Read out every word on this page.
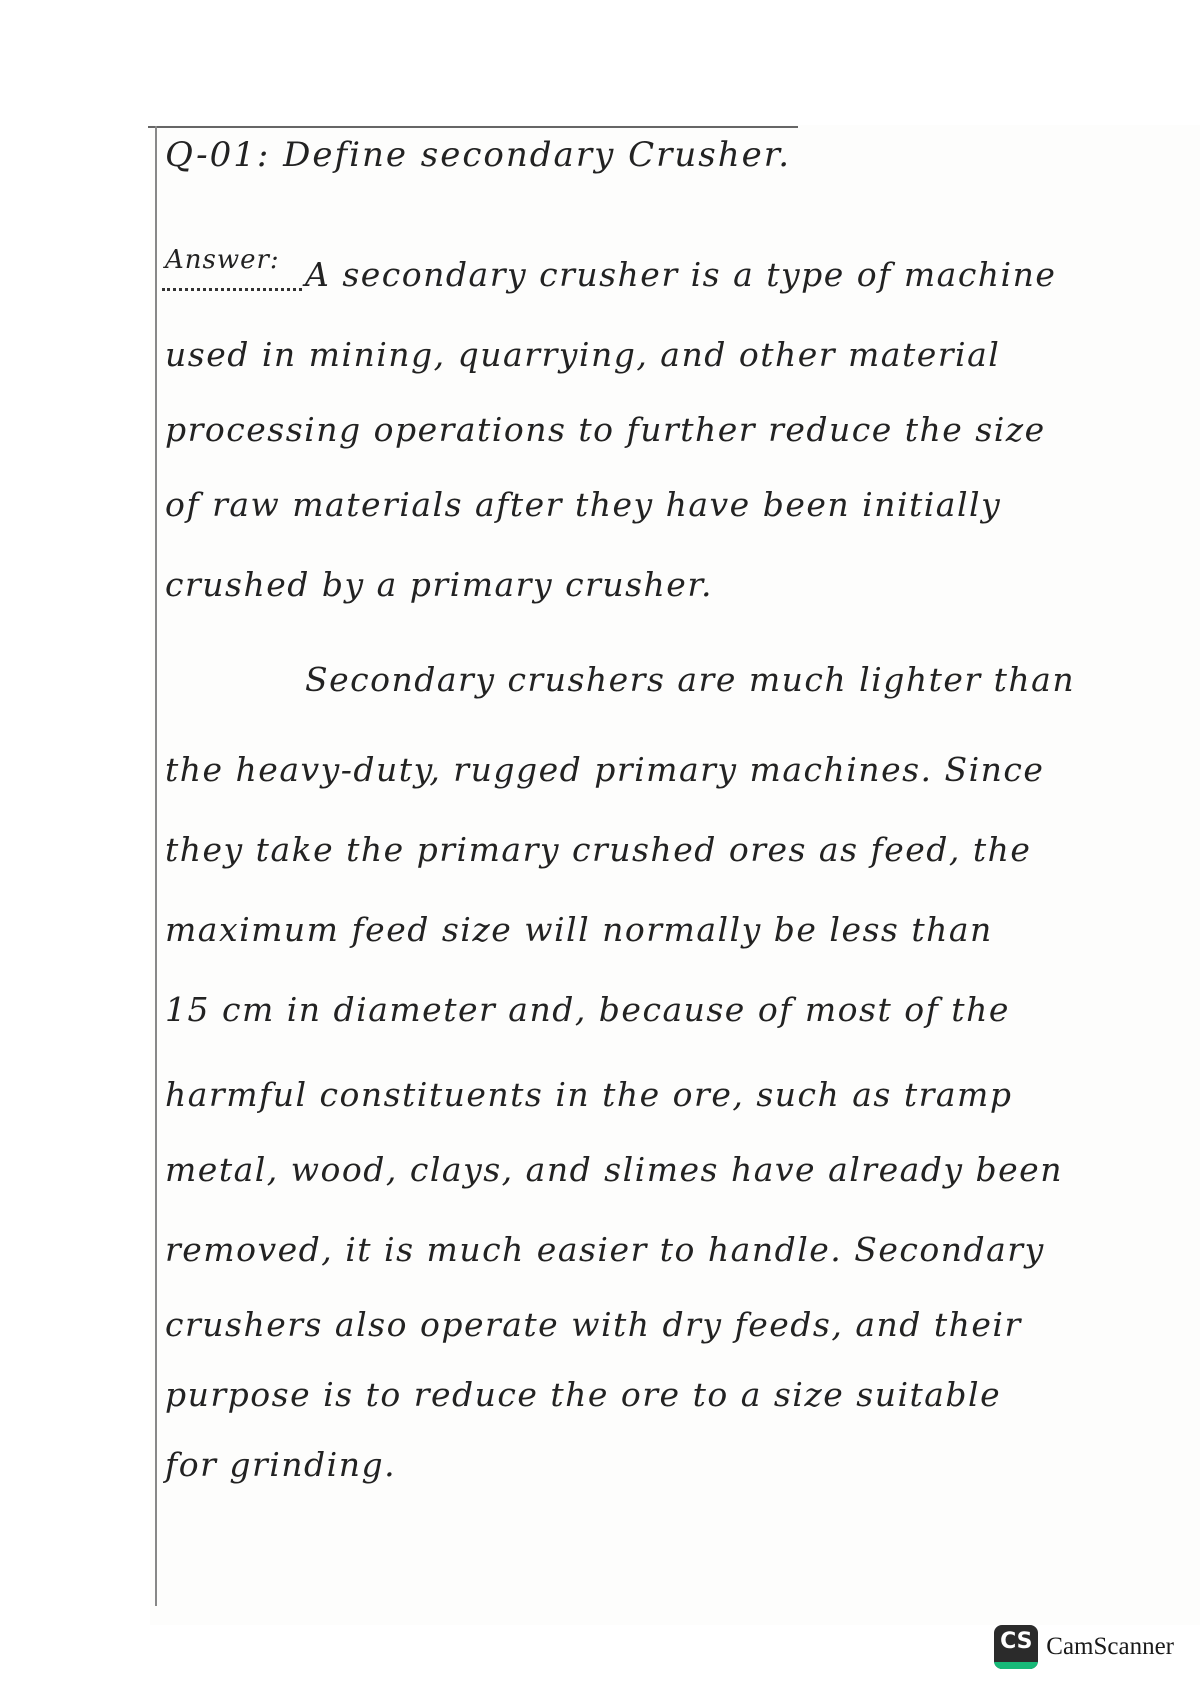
Q-01: Define secondary Crusher.
Answer: A secondary crusher is a type of machine
used in mining, quarrying, and other material
processing operations to further reduce the size
of raw materials after they have been initially
crushed by a primary crusher.
Secondary crushers are much lighter than
the heavy-duty, rugged primary machines. Since
they take the primary crushed ores as feed, the
maximum feed size will normally be less than
15 cm in diameter and, because of most of the
harmful constituents in the ore, such as tramp
metal, wood, clays, and slimes have already been
removed, it is much easier to handle. Secondary
crushers also operate with dry feeds, and their
purpose is to reduce the ore to a size suitable
for grinding.
CS CamScanner
